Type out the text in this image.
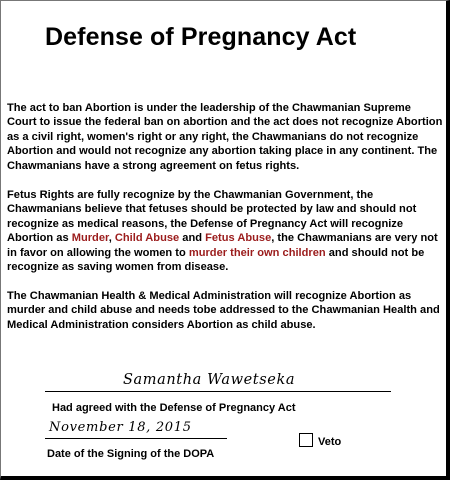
Defense of Pregnancy Act

The act to ban Abortion is under the leadership of the Chawmanian Supreme Court to issue the federal ban on abortion and the act does not recognize Abortion as a civil right, women's right or any right, the Chawmanians do not recognize Abortion and would not recognize any abortion taking place in any continent. The Chawmanians have a strong agreement on fetus rights.

Fetus Rights are fully recognize by the Chawmanian Government, the Chawmanians believe that fetuses should be protected by law and should not recognize as medical reasons, the Defense of Pregnancy Act will recognize Abortion as Murder, Child Abuse and Fetus Abuse, the Chawmanians are very not in favor on allowing the women to murder their own children and should not be recognize as saving women from disease.

The Chawmanian Health & Medical Administration will recognize Abortion as murder and child abuse and needs tobe addressed to the Chawmanian Health and Medical Administration considers Abortion as child abuse.

Samantha Wawetseka
Had agreed with the Defense of Pregnancy Act
November 18, 2015
Date of the Signing of the DOPA
Veto
